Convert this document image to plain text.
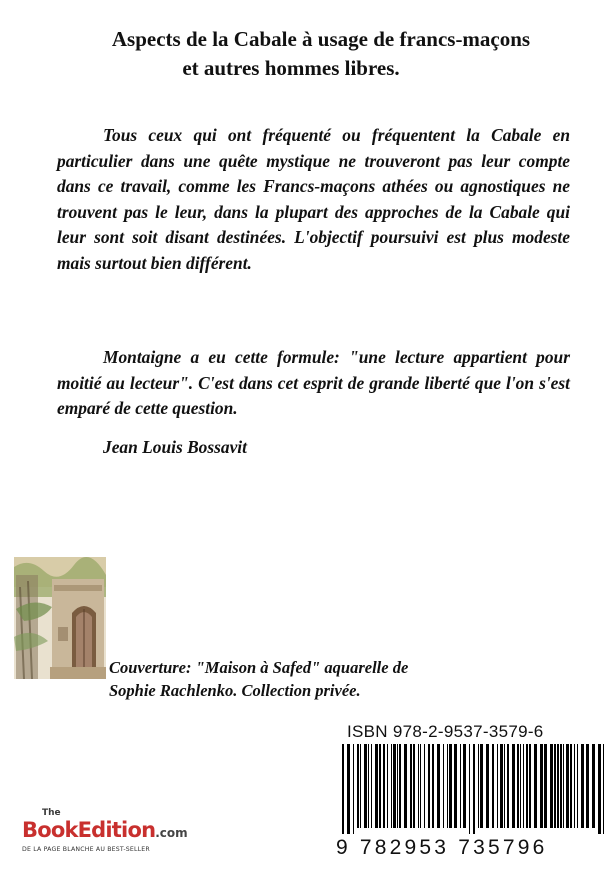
Aspects de la Cabale à usage de francs-maçons
et autres hommes libres.

Tous ceux qui ont fréquenté ou fréquentent la Cabale en particulier dans une quête mystique ne trouveront pas leur compte dans ce travail, comme les Francs-maçons athées ou agnostiques ne trouvent pas le leur, dans la plupart des approches de la Cabale qui leur sont soit disant destinées. L'objectif poursuivi est plus modeste mais surtout bien différent.

Montaigne a eu cette formule: "une lecture appartient pour moitié au lecteur". C'est dans cet esprit de grande liberté que l'on s'est emparé de cette question.

Jean Louis Bossavit

Couverture: "Maison à Safed" aquarelle de
Sophie Rachlenko. Collection privée.

ISBN 978-2-9537-3579-6
9 782953 735796
The
BookEdition.com
DE LA PAGE BLANCHE AU BEST-SELLER
